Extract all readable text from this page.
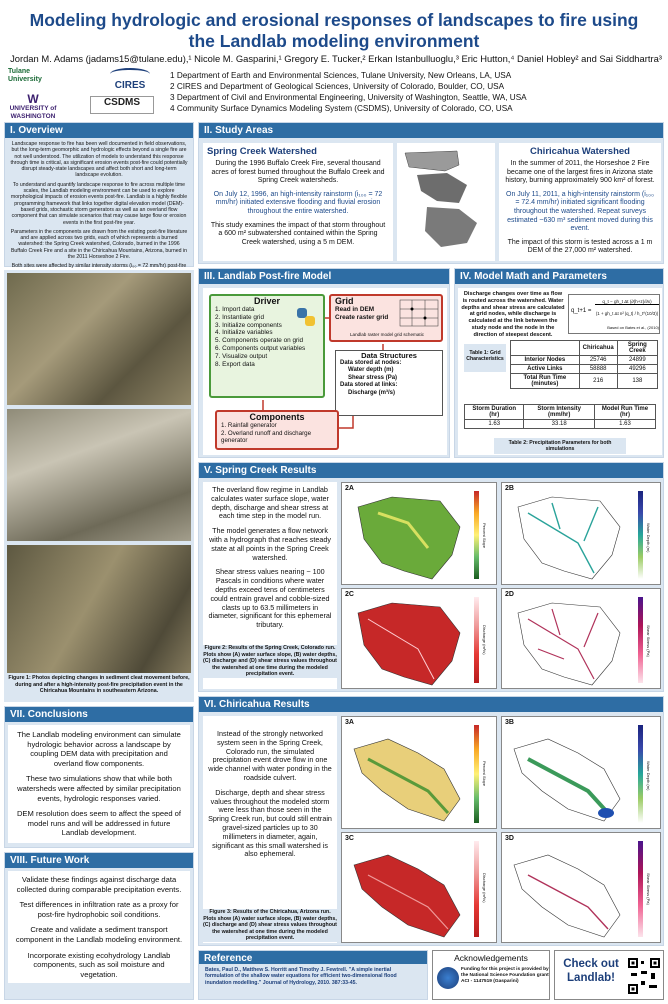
Modeling hydrologic and erosional responses of landscapes to fire using
the Landlab modeling environment
Jordan M. Adams (jadams15@tulane.edu),¹ Nicole M. Gasparini,¹ Gregory E. Tucker,² Erkan Istanbulluoglu,³ Eric Hutton,⁴ Daniel Hobley² and Sai Siddhartra³
Tulane University
CIRES
W
UNIVERSITY of WASHINGTON
CSDMS
1 Department of Earth and Environmental Sciences, Tulane University, New Orleans, LA, USA
2 CIRES and Department of Geological Sciences, University of Colorado, Boulder, CO, USA
3 Department of Civil and Environmental Engineering, University of Washington, Seattle, WA, USA
4 Community Surface Dynamics Modeling System (CSDMS), University of Colorado, CO, USA
I. Overview
Landscape response to fire has been well documented in field observations, but the long-term geomorphic and hydrologic effects beyond a single fire are not well understood. The utilization of models to understand this response through time is critical, as significant erosion events post-fire could potentially disrupt steady-state landscapes and affect both short and long-term landscape evolution.
To understand and quantify landscape response to fire across multiple time scales, the Landlab modeling environment can be used to explore morphological impacts of erosion events post-fire. Landlab is a highly flexible programming framework that links together digital elevation model (DEM)-based grids, stochastic storm generators as well as an overland flow component that can simulate scenarios that may cause large flow or erosion events in the first post-fire year.
Parameters in the components are drawn from the existing post-fire literature and are applied across two grids, each of which represents a burned watershed: the Spring Creek watershed, Colorado, burned in the 1996 Buffalo Creek Fire and a site in the Chiricahua Mountains, Arizona, burned in the 2011 Horseshoe 2 Fire.
Both sites were affected by similar intensity storms (i₀₀ = 72 mm/hr) post-fire
Figure 1: Photos depicting changes in sediment cleat movement before, during and after a high-intensity post-fire precipitation event in the Chiricahua Mountains in southeastern Arizona.
VII. Conclusions
The Landlab modeling environment can simulate hydrologic behavior across a landscape by coupling DEM data with precipitation and overland flow components.
These two simulations show that while both watersheds were affected by similar precipitation events, hydrologic responses varied.
DEM resolution does seem to affect the speed of model runs and will be addressed in future Landlab development.
VIII. Future Work
Validate these findings against discharge data collected during comparable precipitation events.
Test differences in infiltration rate as a proxy for post-fire hydrophobic soil conditions.
Create and validate a sediment transport component in the Landlab modeling environment.
Incorporate existing ecohydrology Landlab components, such as soil moisture and vegetation.
II. Study Areas
Spring Creek Watershed
During the 1996 Buffalo Creek Fire, several thousand acres of forest burned throughout the Buffalo Creek and Spring Creek watersheds.
On July 12, 1996, an high-intensity rainstorm (i₁₀₀ = 72 mm/hr) initiated extensive flooding and fluvial erosion throughout the entire watershed.
This study examines the impact of that storm throughout a 600 m² subwatershed contained within the Spring Creek watershed, using a 5 m DEM.
Chiricahua Watershed
In the summer of 2011, the Horseshoe 2 Fire became one of the largest fires in Arizona state history, burning approximately 900 km² of forest.
On July 11, 2011, a high-intensity rainstorm (i₁₀₀ = 72.4 mm/hr) initiated significant flooding throughout the watershed. Repeat surveys estimated ~630 m³ sediment moved during this event.
The impact of this storm is tested across a 1 m DEM of the 27,000 m² watershed.
III. Landlab Post-fire Model
Driver
1. Import data
2. Instantiate grid
3. Initialize components
4. Initialize variables
5. Components operate on grid
6. Components output variables
7. Visualize output
8. Export data
Grid
Read in DEM
Create raster grid
Landlab raster model grid schematic
Data Structures
Data stored at nodes:
Water depth (m)
Shear stress (Pa)
Data stored at links:
Discharge (m³/s)
Components
1. Rainfall generator
2. Overland runoff and discharge generator
IV. Model Math and Parameters
Discharge changes over time as flow is routed across the watershed. Water depths and shear stress are calculated at grid nodes, while discharge is calculated at the link between the study node and the node in the direction of steepest descent.
q_t+1 =
q_t − gh_t Δt (∂(h+z)/∂x)
(1 + gh_t Δt n² |q_t| / h_t^(10/3))
Based on Bates et al., (2010)
Table 1: Grid Characteristics
	Chiricahua	Spring Creek
Interior Nodes	25746	24899
Active Links	58888	49296
Total Run Time (minutes)	216	138
Storm Duration (hr)	Storm Intensity (mm/hr)	Model Run Time (hr)
1.63	33.18	1.63
Table 2: Precipitation Parameters for both simulations
V. Spring Creek Results
The overland flow regime in Landlab calculates water surface slope, water depth, discharge and shear stress at each time step in the model run.
The model generates a flow network with a hydrograph that reaches steady state at all points in the Spring Creek watershed.
Shear stress values nearing ~ 100 Pascals in conditions where water depths exceed tens of centimeters could entrain gravel and cobble-sized clasts up to 63.5 millimeters in diameter, significant for this ephemeral tributary.
Figure 2: Results of the Spring Creek, Colorado run. Plots show (A) water surface slope, (B) water depths, (C) discharge and (D) shear stress values throughout the watershed at one time during the modeled precipitation event.
2A
Percent Slope
2B
Water Depth (m)
2C
Discharge (m³/s)
2D
Shear Stress (Pa)
VI. Chiricahua Results
Instead of the strongly networked system seen in the Spring Creek, Colorado run, the simulated precipitation event drove flow in one wide channel with water ponding in the roadside culvert.
Discharge, depth and shear stress values throughout the modeled storm were less than those seen in the Spring Creek run, but could still entrain gravel-sized particles up to 30 millimeters in diameter, again, significant as this small watershed is also ephemeral.
Figure 3: Results of the Chiricahua, Arizona run. Plots show (A) water surface slope, (B) water depths, (C) discharge and (D) shear stress values throughout the watershed at one time during the modeled precipitation event.
3A
Percent Slope
3B
Water Depth (m)
3C
Discharge (m³/s)
3D
Shear Stress (Pa)
Reference
Bates, Paul D., Matthew S. Horritt and Timothy J. Fewtrell. "A simple inertial formulation of the shallow water equations for efficient two-dimensional flood inundation modelling." Journal of Hydrology, 2010. 387:33-45.
Acknowledgements
Funding for this project is provided by the National Science Foundation grant ACI - 1147519 (Gasparini)
Check out Landlab!
